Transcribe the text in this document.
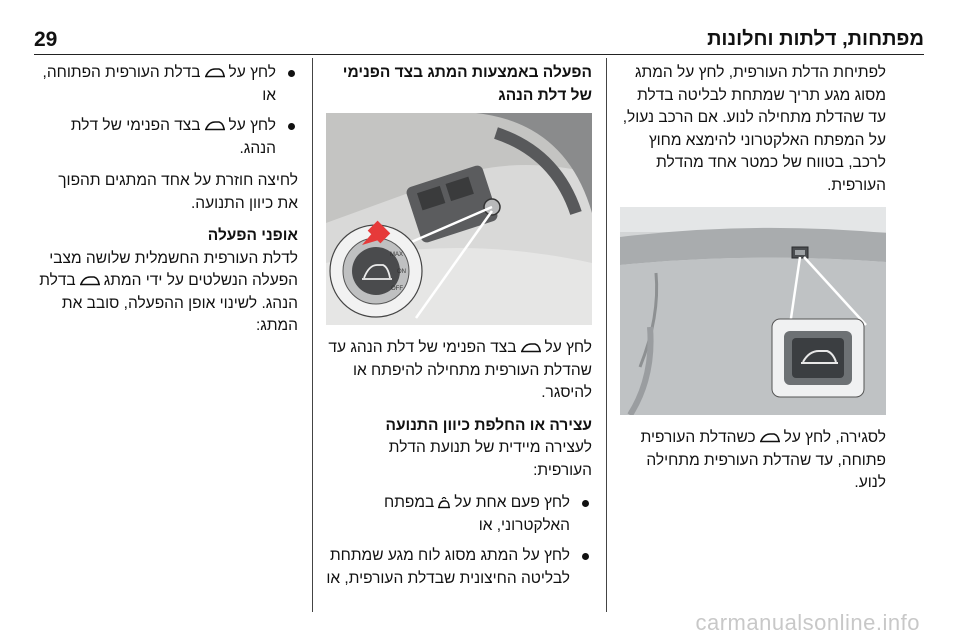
29	מפתחות, דלתות וחלונות

לפתיחת הדלת העורפית, לחץ על המתג מסוג מגע תריך שמתחת לבליטה בדלת עד שהדלת מתחילה לנוע. אם הרכב נעול, על המפתח האלקטרוני להימצא מחוץ לרכב, בטווח של כמטר אחד מהדלת העורפית.

לסגירה, לחץ על
כשהדלת העורפית פתוחה, עד שהדלת העורפית מתחילה לנוע.

הפעלה באמצעות המתג בצד הפנימי של דלת הנהג
MAX
ON
OFF

לחץ על
בצד הפנימי של דלת הנהג עד שהדלת העורפית מתחילה להיפתח או להיסגר.

עצירה או החלפת כיוון התנועה

לעצירה מיידית של תנועת הדלת העורפית:

לחץ פעם אחת על
במפתח האלקטרוני, או
לחץ על המתג מסוג לוח מגע שמתחת לבליטה החיצונית שבדלת העורפית, או
לחץ על
בדלת העורפית הפתוחה, או
לחץ על
בצד הפנימי של דלת הנהג.

לחיצה חוזרת על אחד המתגים תהפוך את כיוון התנועה.

אופני הפעלה

לדלת העורפית החשמלית שלושה מצבי הפעלה הנשלטים על ידי המתג
בדלת הנהג. לשינוי אופן ההפעלה, סובב את המתג:

carmanualsonline.info
